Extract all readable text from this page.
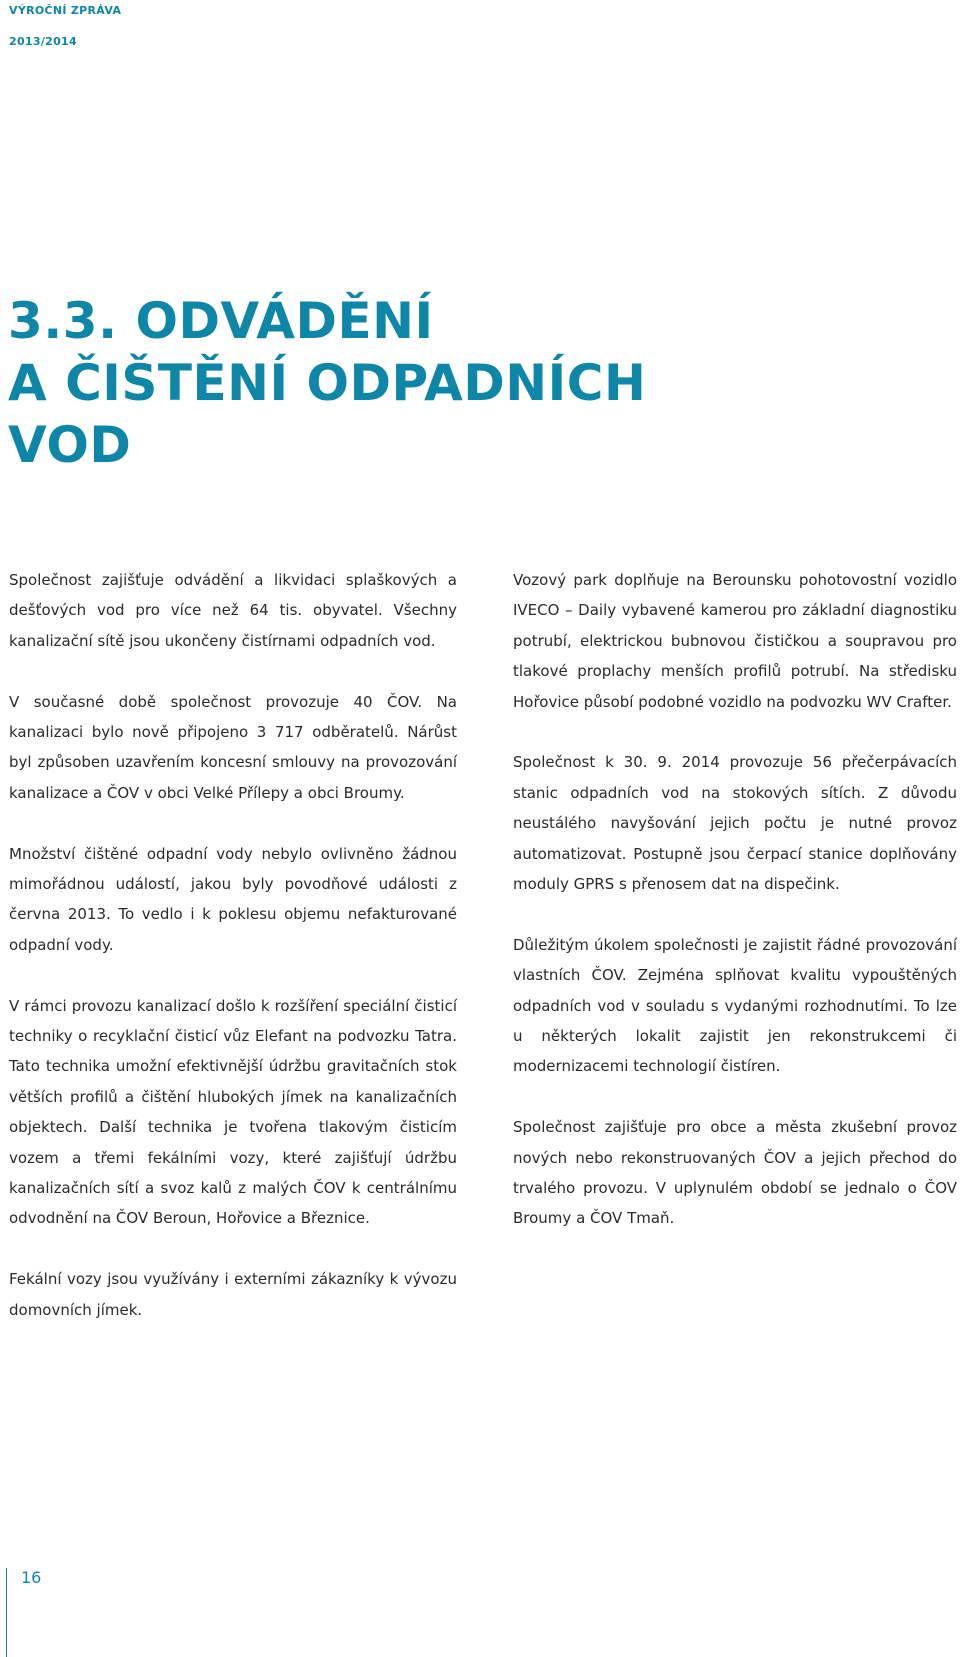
VÝROČNÍ ZPRÁVA
2013/2014
3.3. ODVÁDĚNÍ
A ČIŠTĚNÍ ODPADNÍCH
VOD

Společnost zajišťuje odvádění a likvidaci splaškových a dešťových vod pro více než 64 tis. obyvatel. Všechny kanalizační sítě jsou ukončeny čistírnami odpadních vod.

V současné době společnost provozuje 40 ČOV. Na kanalizaci bylo nově připojeno 3 717 odběratelů. Nárůst byl způsoben uzavřením koncesní smlouvy na provozování kanalizace a ČOV v obci Velké Přílepy a obci Broumy.

Množství čištěné odpadní vody nebylo ovlivněno žádnou mimořádnou událostí, jakou byly povodňové události z června 2013. To vedlo i k poklesu objemu nefakturované odpadní vody.

V rámci provozu kanalizací došlo k rozšíření speciální čisticí techniky o recyklační čisticí vůz Elefant na podvozku Tatra. Tato technika umožní efektivnější údržbu gravitačních stok větších profilů a čištění hlubokých jímek na kanalizačních objektech. Další technika je tvořena tlakovým čisticím vozem a třemi fekálními vozy, které zajišťují údržbu kanalizačních sítí a svoz kalů z malých ČOV k centrálnímu odvodnění na ČOV Beroun, Hořovice a Březnice.

Fekální vozy jsou využívány i externími zákazníky k vývozu domovních jímek.

Vozový park doplňuje na Berounsku pohotovostní vozidlo IVECO – Daily vybavené kamerou pro základní diagnostiku potrubí, elektrickou bubnovou čističkou a soupravou pro tlakové proplachy menších profilů potrubí. Na středisku Hořovice působí podobné vozidlo na podvozku WV Crafter.

Společnost k 30. 9. 2014 provozuje 56 přečerpávacích stanic odpadních vod na stokových sítích. Z důvodu neustálého navyšování jejich počtu je nutné provoz automatizovat. Postupně jsou čerpací stanice doplňovány moduly GPRS s přenosem dat na dispečink.

Důležitým úkolem společnosti je zajistit řádné provozování vlastních ČOV. Zejména splňovat kvalitu vypouštěných odpadních vod v souladu s vydanými rozhodnutími. To lze u některých lokalit zajistit jen rekonstrukcemi či modernizacemi technologií čistíren.

Společnost zajišťuje pro obce a města zkušební provoz nových nebo rekonstruovaných ČOV a jejich přechod do trvalého provozu. V uplynulém období se jednalo o ČOV Broumy a ČOV Tmaň.

16
